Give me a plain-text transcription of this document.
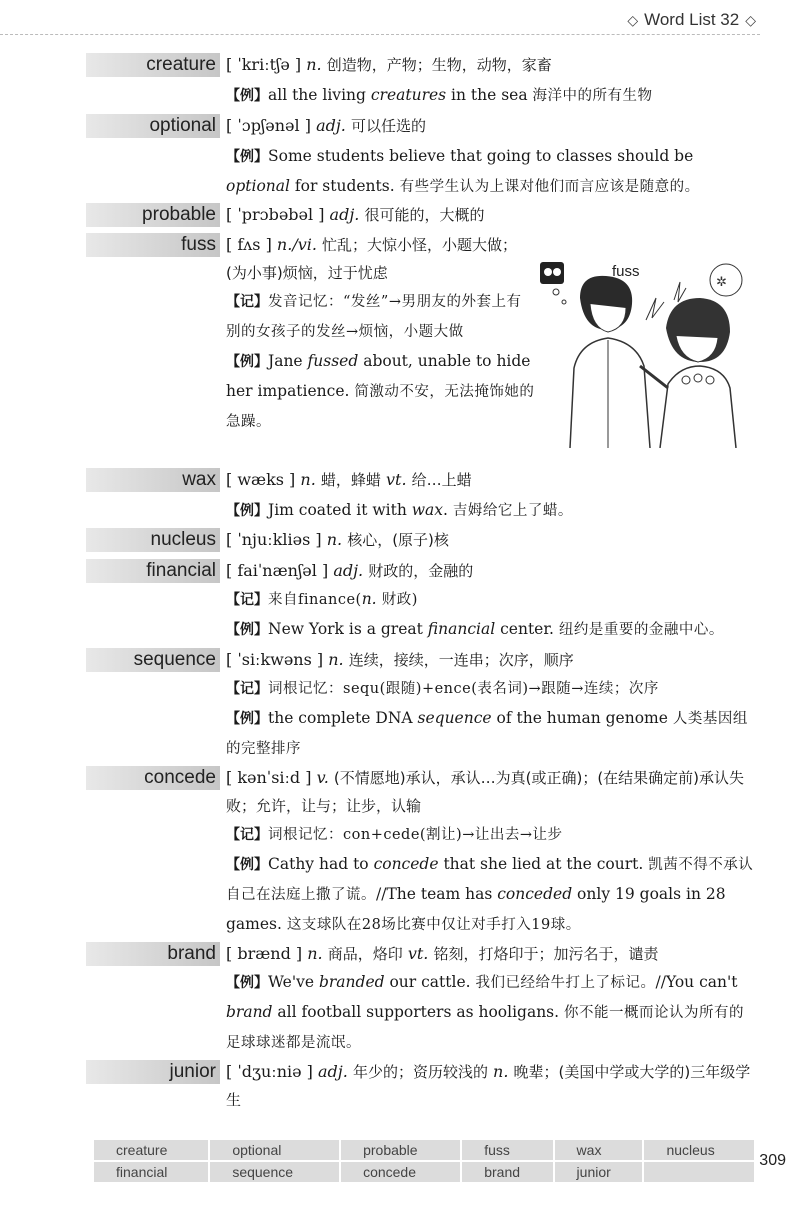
◇ Word List 32 ◇
creature [ ˈkriːtʃə ] n. 创造物，产物；生物，动物，家畜
【例】all the living creatures in the sea 海洋中的所有生物
optional [ ˈɔpʃənəl ] adj. 可以任选的
【例】Some students believe that going to classes should be optional for students. 有些学生认为上课对他们而言应该是随意的。
probable [ ˈprɔbəbəl ] adj. 很可能的，大概的
fuss [ fʌs ] n./vi. 忙乱；大惊小怪，小题大做；(为小事)烦恼，过于忧虑
【记】发音记忆：“发丝”→男朋友的外套上有别的女孩子的发丝→烦恼，小题大做
【例】Jane fussed about, unable to hide her impatience. 简激动不安，无法掩饰她的急躁。
fuss
✲
wax [ wæks ] n. 蜡，蜂蜡 vt. 给…上蜡
【例】Jim coated it with wax. 吉姆给它上了蜡。
nucleus [ ˈnjuːkliəs ] n. 核心，(原子)核
financial [ faiˈnænʃəl ] adj. 财政的，金融的
【记】来自finance(n. 财政)
【例】New York is a great financial center. 纽约是重要的金融中心。
sequence [ ˈsiːkwəns ] n. 连续，接续，一连串；次序，顺序
【记】词根记忆：sequ(跟随)+ence(表名词)→跟随→连续；次序
【例】the complete DNA sequence of the human genome 人类基因组的完整排序
concede [ kənˈsiːd ] v. (不情愿地)承认，承认…为真(或正确)；(在结果确定前)承认失败；允许，让与；让步，认输
【记】词根记忆：con+cede(割让)→让出去→让步
【例】Cathy had to concede that she lied at the court. 凯茜不得不承认自己在法庭上撒了谎。//The team has conceded only 19 goals in 28 games. 这支球队在28场比赛中仅让对手打入19球。
brand [ brænd ] n. 商品，烙印 vt. 铭刻，打烙印于；加污名于，谴责
【例】We've branded our cattle. 我们已经给牛打上了标记。//You can't brand all football supporters as hooligans. 你不能一概而论认为所有的足球球迷都是流氓。
junior [ ˈdʒuːniə ] adj. 年少的；资历较浅的 n. 晚辈；(美国中学或大学的)三年级学生
creature	optional	probable	fuss	wax	nucleus
financial	sequence	concede	brand	junior	
309
